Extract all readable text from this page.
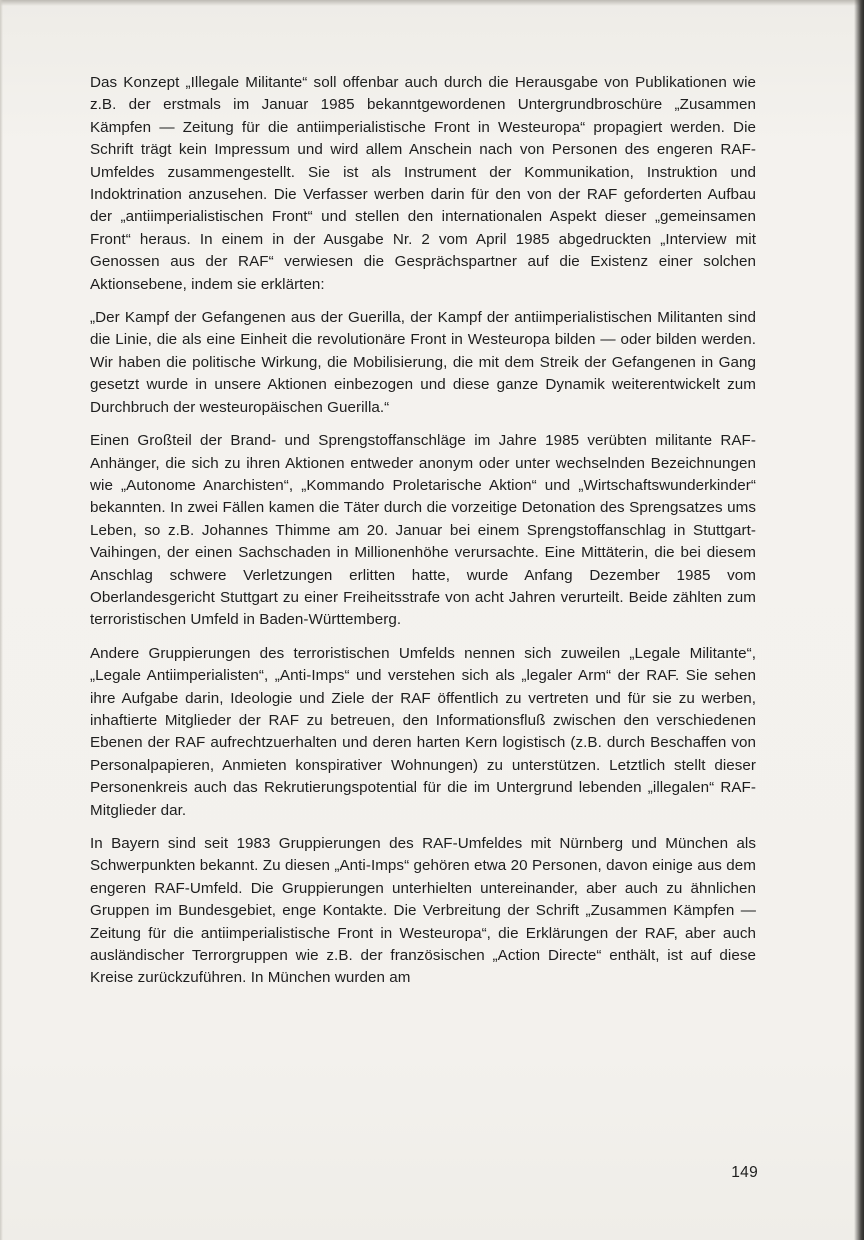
Das Konzept „Illegale Militante“ soll offenbar auch durch die Herausgabe von Publikationen wie z.B. der erstmals im Januar 1985 bekanntgewordenen Untergrundbroschüre „Zusammen Kämpfen — Zeitung für die antiimperialistische Front in Westeuropa“ propagiert werden. Die Schrift trägt kein Impressum und wird allem Anschein nach von Personen des engeren RAF-Umfeldes zusammengestellt. Sie ist als Instrument der Kommunikation, Instruktion und Indoktrination anzusehen. Die Verfasser werben darin für den von der RAF geforderten Aufbau der „antiimperialistischen Front“ und stellen den internationalen Aspekt dieser „gemeinsamen Front“ heraus. In einem in der Ausgabe Nr. 2 vom April 1985 abgedruckten „Interview mit Genossen aus der RAF“ verwiesen die Gesprächspartner auf die Existenz einer solchen Aktionsebene, indem sie erklärten:

„Der Kampf der Gefangenen aus der Guerilla, der Kampf der antiimperialistischen Militanten sind die Linie, die als eine Einheit die revolutionäre Front in Westeuropa bilden — oder bilden werden. Wir haben die politische Wirkung, die Mobilisierung, die mit dem Streik der Gefangenen in Gang gesetzt wurde in unsere Aktionen einbezogen und diese ganze Dynamik weiterentwickelt zum Durchbruch der westeuropäischen Guerilla.“

Einen Großteil der Brand- und Sprengstoffanschläge im Jahre 1985 verübten militante RAF-Anhänger, die sich zu ihren Aktionen entweder anonym oder unter wechselnden Bezeichnungen wie „Autonome Anarchisten“, „Kommando Proletarische Aktion“ und „Wirtschaftswunderkinder“ bekannten. In zwei Fällen kamen die Täter durch die vorzeitige Detonation des Sprengsatzes ums Leben, so z.B. Johannes Thimme am 20. Januar bei einem Sprengstoffanschlag in Stuttgart-Vaihingen, der einen Sachschaden in Millionenhöhe verursachte. Eine Mittäterin, die bei diesem Anschlag schwere Verletzungen erlitten hatte, wurde Anfang Dezember 1985 vom Oberlandesgericht Stuttgart zu einer Freiheitsstrafe von acht Jahren verurteilt. Beide zählten zum terroristischen Umfeld in Baden-Württemberg.

Andere Gruppierungen des terroristischen Umfelds nennen sich zuweilen „Legale Militante“, „Legale Antiimperialisten“, „Anti-Imps“ und verstehen sich als „legaler Arm“ der RAF. Sie sehen ihre Aufgabe darin, Ideologie und Ziele der RAF öffentlich zu vertreten und für sie zu werben, inhaftierte Mitglieder der RAF zu betreuen, den Informationsfluß zwischen den verschiedenen Ebenen der RAF aufrechtzuerhalten und deren harten Kern logistisch (z.B. durch Beschaffen von Personalpapieren, Anmieten konspirativer Wohnungen) zu unterstützen. Letztlich stellt dieser Personenkreis auch das Rekrutierungspotential für die im Untergrund lebenden „illegalen“ RAF-Mitglieder dar.

In Bayern sind seit 1983 Gruppierungen des RAF-Umfeldes mit Nürnberg und München als Schwerpunkten bekannt. Zu diesen „Anti-Imps“ gehören etwa 20 Personen, davon einige aus dem engeren RAF-Umfeld. Die Gruppierungen unterhielten untereinander, aber auch zu ähnlichen Gruppen im Bundesgebiet, enge Kontakte. Die Verbreitung der Schrift „Zusammen Kämpfen — Zeitung für die antiimperialistische Front in Westeuropa“, die Erklärungen der RAF, aber auch ausländischer Terrorgruppen wie z.B. der französischen „Action Directe“ enthält, ist auf diese Kreise zurückzuführen. In München wurden am

149
